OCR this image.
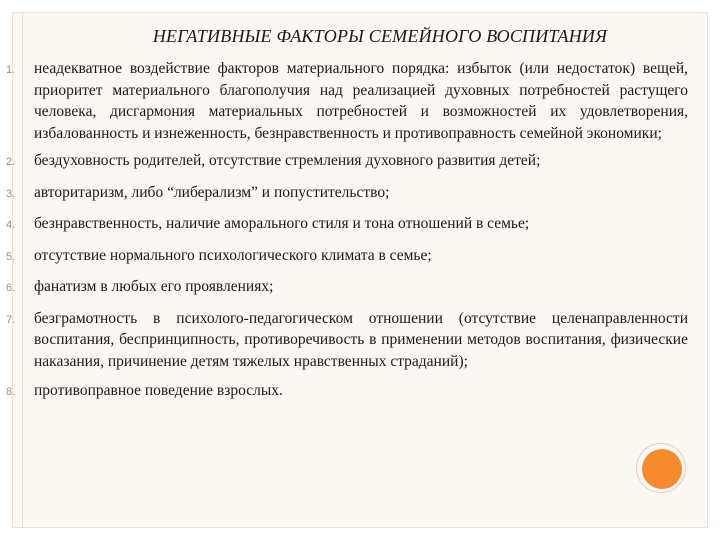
НЕГАТИВНЫЕ ФАКТОРЫ СЕМЕЙНОГО ВОСПИТАНИЯ
1. неадекватное воздействие факторов материального порядка: избыток (или недостаток) вещей, приоритет материального благополучия над реализацией духовных потребностей растущего человека, дисгармония материальных потребностей и возможностей их удовлетворения, избалованность и изнеженность, безнравственность и противоправность семейной экономики;
2. бездуховность родителей, отсутствие стремления духовного развития детей;
3. авторитаризм, либо “либерализм” и попустительство;
4. безнравственность, наличие аморального стиля и тона отношений в семье;
5. отсутствие нормального психологического климата в семье;
6. фанатизм в любых его проявлениях;
7. безграмотность в психолого-педагогическом отношении (отсутствие целенаправленности воспитания, беспринципность, противоречивость в применении методов воспитания, физические наказания, причинение детям тяжелых нравственных страданий);
8. противоправное поведение взрослых.
